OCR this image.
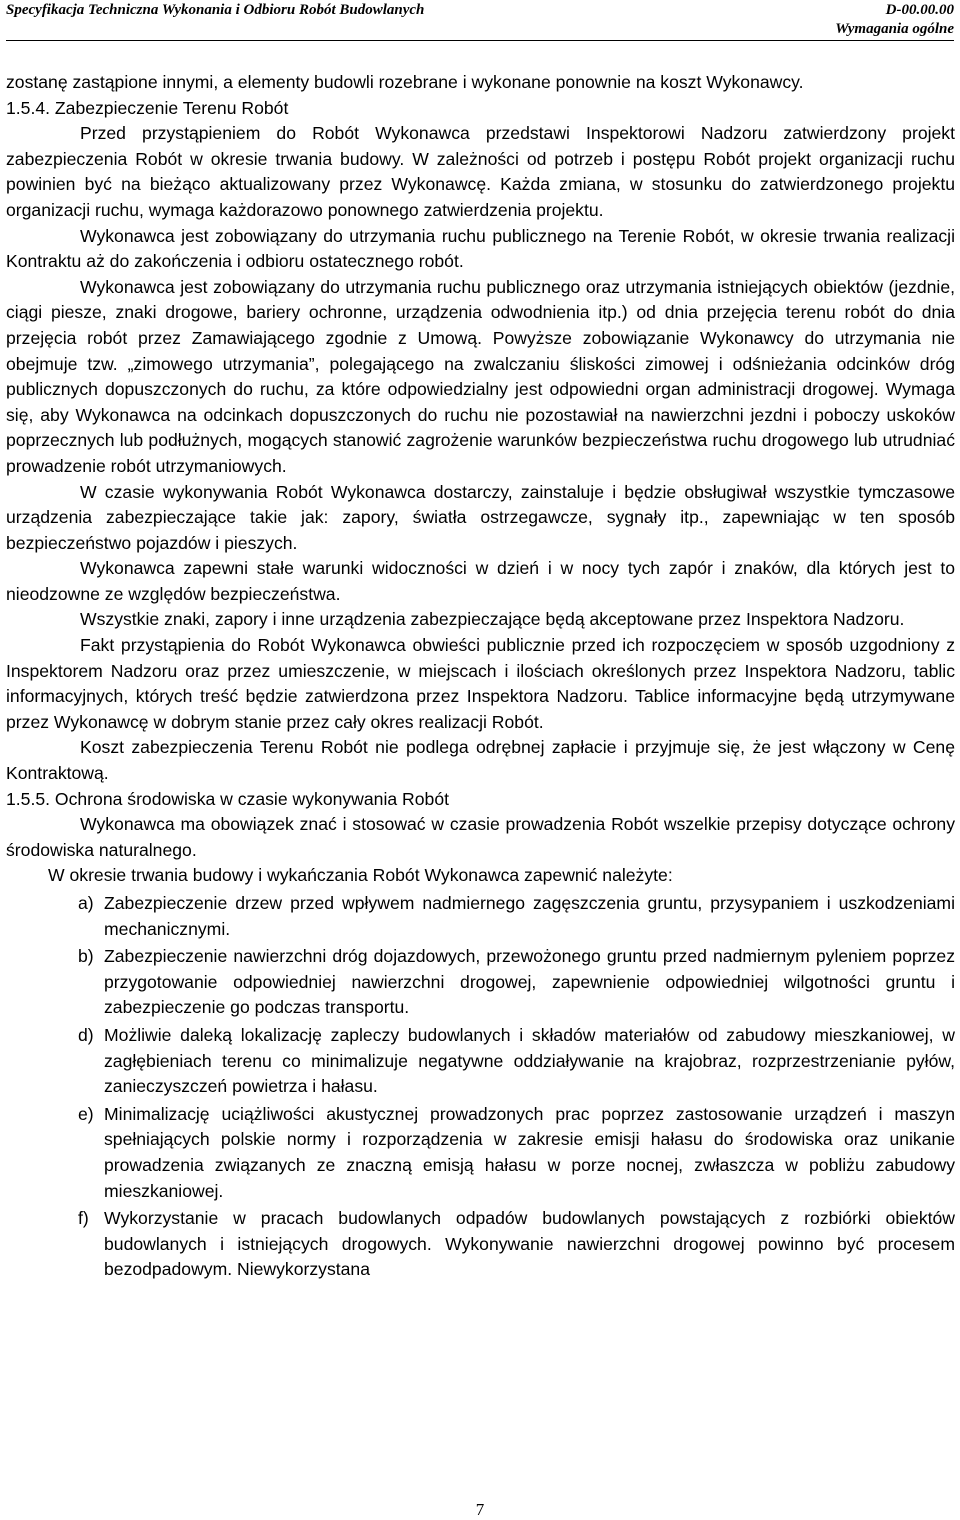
Specyfikacja Techniczna Wykonania i Odbioru Robót Budowlanych	D-00.00.00
Wymagania ogólne

zostanę zastąpione innymi, a elementy budowli rozebrane i wykonane ponownie na koszt Wykonawcy.

1.5.4. Zabezpieczenie Terenu Robót

Przed przystąpieniem do Robót Wykonawca przedstawi Inspektorowi Nadzoru zatwierdzony projekt zabezpieczenia Robót w okresie trwania budowy. W zależności od potrzeb i postępu Robót projekt organizacji ruchu powinien być na bieżąco aktualizowany przez Wykonawcę. Każda zmiana, w stosunku do zatwierdzonego projektu organizacji ruchu, wymaga każdorazowo ponownego zatwierdzenia projektu.

Wykonawca jest zobowiązany do utrzymania ruchu publicznego na Terenie Robót, w okresie trwania realizacji Kontraktu aż do zakończenia i odbioru ostatecznego robót.

Wykonawca jest zobowiązany do utrzymania ruchu publicznego oraz utrzymania istniejących obiektów (jezdnie, ciągi piesze, znaki drogowe, bariery ochronne, urządzenia odwodnienia itp.) od dnia przejęcia terenu robót do dnia przejęcia robót przez Zamawiającego zgodnie z Umową. Powyższe zobowiązanie Wykonawcy do utrzymania nie obejmuje tzw. „zimowego utrzymania”, polegającego na zwalczaniu śliskości zimowej i odśnieżania odcinków dróg publicznych dopuszczonych do ruchu, za które odpowiedzialny jest odpowiedni organ administracji drogowej. Wymaga się, aby Wykonawca na odcinkach dopuszczonych do ruchu nie pozostawiał na nawierzchni jezdni i poboczy uskoków poprzecznych lub podłużnych, mogących stanowić zagrożenie warunków bezpieczeństwa ruchu drogowego lub utrudniać prowadzenie robót utrzymaniowych.

W czasie wykonywania Robót Wykonawca dostarczy, zainstaluje i będzie obsługiwał wszystkie tymczasowe urządzenia zabezpieczające takie jak: zapory, światła ostrzegawcze, sygnały itp., zapewniając w ten sposób bezpieczeństwo pojazdów i pieszych.

Wykonawca zapewni stałe warunki widoczności w dzień i w nocy tych zapór i znaków, dla których jest to nieodzowne ze względów bezpieczeństwa.

Wszystkie znaki, zapory i inne urządzenia zabezpieczające będą akceptowane przez Inspektora Nadzoru.

Fakt przystąpienia do Robót Wykonawca obwieści publicznie przed ich rozpoczęciem w sposób uzgodniony z Inspektorem Nadzoru oraz przez umieszczenie, w miejscach i ilościach określonych przez Inspektora Nadzoru, tablic informacyjnych, których treść będzie zatwierdzona przez Inspektora Nadzoru. Tablice informacyjne będą utrzymywane przez Wykonawcę w dobrym stanie przez cały okres realizacji Robót.

Koszt zabezpieczenia Terenu Robót nie podlega odrębnej zapłacie i przyjmuje się, że jest włączony w Cenę Kontraktową.

1.5.5. Ochrona środowiska w czasie wykonywania Robót

Wykonawca ma obowiązek znać i stosować w czasie prowadzenia Robót wszelkie przepisy dotyczące ochrony środowiska naturalnego.

W okresie trwania budowy i wykańczania Robót Wykonawca zapewnić należyte:

a) Zabezpieczenie drzew przed wpływem nadmiernego zagęszczenia gruntu, przysypaniem i uszkodzeniami mechanicznymi.
b) Zabezpieczenie nawierzchni dróg dojazdowych, przewożonego gruntu przed nadmiernym pyleniem poprzez przygotowanie odpowiedniej nawierzchni drogowej, zapewnienie odpowiedniej wilgotności gruntu i zabezpieczenie go podczas transportu.
d) Możliwie daleką lokalizację zapleczy budowlanych i składów materiałów od zabudowy mieszkaniowej, w zagłębieniach terenu co minimalizuje negatywne oddziaływanie na krajobraz, rozprzestrzenianie pyłów, zanieczyszczeń powietrza i hałasu.
e) Minimalizację uciążliwości akustycznej prowadzonych prac poprzez zastosowanie urządzeń i maszyn spełniających polskie normy i rozporządzenia w zakresie emisji hałasu do środowiska oraz unikanie prowadzenia związanych ze znaczną emisją hałasu w porze nocnej, zwłaszcza w pobliżu zabudowy mieszkaniowej.
f) Wykorzystanie w pracach budowlanych odpadów budowlanych powstających z rozbiórki obiektów budowlanych i istniejących drogowych. Wykonywanie nawierzchni drogowej powinno być procesem bezodpadowym. Niewykorzystana
7
